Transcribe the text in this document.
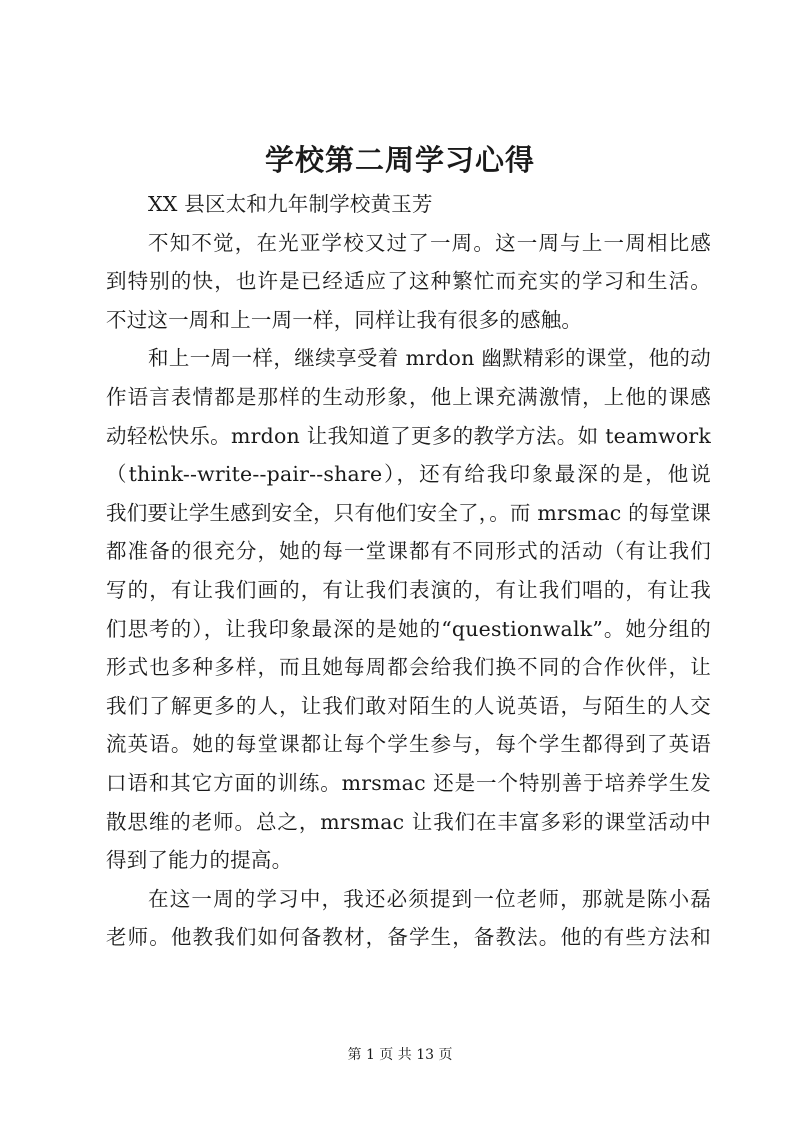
学校第二周学习心得
XX 县区太和九年制学校黄玉芳
不知不觉，在光亚学校又过了一周。这一周与上一周相比感
到特别的快，也许是已经适应了这种繁忙而充实的学习和生活。
不过这一周和上一周一样，同样让我有很多的感触。
和上一周一样，继续享受着 mrdon 幽默精彩的课堂，他的动
作语言表情都是那样的生动形象，他上课充满激情，上他的课感
动轻松快乐。mrdon 让我知道了更多的教学方法。如 teamwork
（think--write--pair--share），还有给我印象最深的是，他说
我们要让学生感到安全，只有他们安全了，。而 mrsmac 的每堂课
都准备的很充分，她的每一堂课都有不同形式的活动（有让我们
写的，有让我们画的，有让我们表演的，有让我们唱的，有让我
们思考的），让我印象最深的是她的“questionwalk”。她分组的
形式也多种多样，而且她每周都会给我们换不同的合作伙伴，让
我们了解更多的人，让我们敢对陌生的人说英语，与陌生的人交
流英语。她的每堂课都让每个学生参与，每个学生都得到了英语
口语和其它方面的训练。mrsmac 还是一个特别善于培养学生发
散思维的老师。总之，mrsmac 让我们在丰富多彩的课堂活动中
得到了能力的提高。
在这一周的学习中，我还必须提到一位老师，那就是陈小磊
老师。他教我们如何备教材，备学生，备教法。他的有些方法和
第 1 页 共 13 页
